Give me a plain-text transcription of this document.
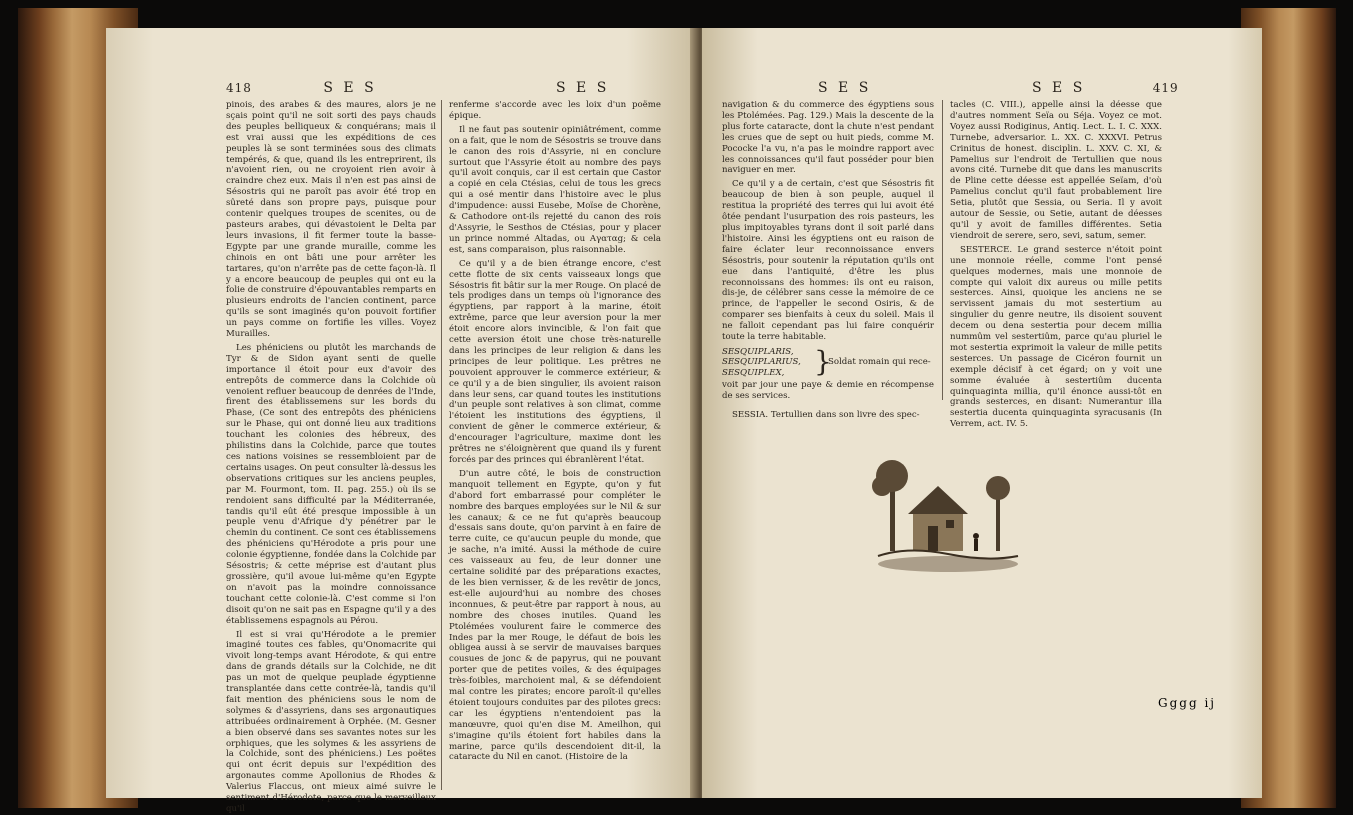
418	S E S	S E S

pinois, des arabes & des maures, alors je ne sçais point qu'il ne soit sorti des pays chauds des peuples belliqueux & conquérans; mais il est vrai aussi que les expéditions de ces peuples là se sont terminées sous des climats tempérés, & que, quand ils les entreprirent, ils n'avoient rien, ou ne croyoient rien avoir à craindre chez eux. Mais il n'en est pas ainsi de Sésostris qui ne paroît pas avoir été trop en sûreté dans son propre pays, puisque pour contenir quelques troupes de scenites, ou de pasteurs arabes, qui dévastoient le Delta par leurs invasions, il fit fermer toute la basse-Egypte par une grande muraille, comme les chinois en ont bâti une pour arrêter les tartares, qu'on n'arrête pas de cette façon-là. Il y a encore beaucoup de peuples qui ont eu la folie de construire d'épouvantables remparts en plusieurs endroits de l'ancien continent, parce qu'ils se sont imaginés qu'on pouvoit fortifier un pays comme on fortifie les villes. Voyez Murailles.

Les phéniciens ou plutôt les marchands de Tyr & de Sidon ayant senti de quelle importance il étoit pour eux d'avoir des entrepôts de commerce dans la Colchide où venoient refluer beaucoup de denrées de l'Inde, firent des établissemens sur les bords du Phase, (Ce sont des entrepôts des phéniciens sur le Phase, qui ont donné lieu aux traditions touchant les colonies des hébreux, des philistins dans la Colchide, parce que toutes ces nations voisines se ressembloient par de certains usages. On peut consulter là-dessus les observations critiques sur les anciens peuples, par M. Fourmont, tom. II. pag. 255.) où ils se rendoient sans difficulté par la Méditerranée, tandis qu'il eût été presque impossible à un peuple venu d'Afrique d'y pénétrer par le chemin du continent. Ce sont ces établissemens des phéniciens qu'Hérodote a pris pour une colonie égyptienne, fondée dans la Colchide par Sésostris; & cette méprise est d'autant plus grossière, qu'il avoue lui-même qu'en Egypte on n'avoit pas la moindre connoissance touchant cette colonie-là. C'est comme si l'on disoit qu'on ne sait pas en Espagne qu'il y a des établissemens espagnols au Pérou.

Il est si vrai qu'Hérodote a le premier imaginé toutes ces fables, qu'Onomacrite qui vivoit long-temps avant Hérodote, & qui entre dans de grands détails sur la Colchide, ne dit pas un mot de quelque peuplade égyptienne transplantée dans cette contrée-là, tandis qu'il fait mention des phéniciens sous le nom de solymes & d'assyriens, dans ses argonautiques attribuées ordinairement à Orphée. (M. Gesner a bien observé dans ses savantes notes sur les orphiques, que les solymes & les assyriens de la Colchide, sont des phéniciens.) Les poëtes qui ont écrit depuis sur l'expédition des argonautes comme Apollonius de Rhodes & Valerius Flaccus, ont mieux aimé suivre le sentiment d'Hérodote, parce que le merveilleux qu'il

renferme s'accorde avec les loix d'un poëme épique.

Il ne faut pas soutenir opiniâtrément, comme on a fait, que le nom de Sésostris se trouve dans le canon des rois d'Assyrie, ni en conclure surtout que l'Assyrie étoit au nombre des pays qu'il avoit conquis, car il est certain que Castor a copié en cela Ctésias, celui de tous les grecs qui a osé mentir dans l'histoire avec le plus d'impudence: aussi Eusebe, Moïse de Chorène, & Cathodore ont-ils rejetté du canon des rois d'Assyrie, le Sesthos de Ctésias, pour y placer un prince nommé Altadas, ou Aγαταg; & cela est, sans comparaison, plus raisonnable.

Ce qu'il y a de bien étrange encore, c'est cette flotte de six cents vaisseaux longs que Sésostris fit bâtir sur la mer Rouge. On placé de tels prodiges dans un temps où l'ignorance des égyptiens, par rapport à la marine, étoit extrême, parce que leur aversion pour la mer étoit encore alors invincible, & l'on fait que cette aversion étoit une chose très-naturelle dans les principes de leur religion & dans les principes de leur politique. Les prêtres ne pouvoient approuver le commerce extérieur, & ce qu'il y a de bien singulier, ils avoient raison dans leur sens, car quand toutes les institutions d'un peuple sont relatives à son climat, comme l'étoient les institutions des égyptiens, il convient de gêner le commerce extérieur, & d'encourager l'agriculture, maxime dont les prêtres ne s'éloignèrent que quand ils y furent forcés par des princes qui ébranlèrent l'état.

D'un autre côté, le bois de construction manquoit tellement en Egypte, qu'on y fut d'abord fort embarrassé pour compléter le nombre des barques employées sur le Nil & sur les canaux; & ce ne fut qu'après beaucoup d'essais sans doute, qu'on parvint à en faire de terre cuite, ce qu'aucun peuple du monde, que je sache, n'a imité. Aussi la méthode de cuire ces vaisseaux au feu, de leur donner une certaine solidité par des préparations exactes, de les bien vernisser, & de les revêtir de joncs, est-elle aujourd'hui au nombre des choses inconnues, & peut-être par rapport à nous, au nombre des choses inutiles. Quand les Ptolémées voulurent faire le commerce des Indes par la mer Rouge, le défaut de bois les obligea aussi à se servir de mauvaises barques cousues de jonc & de papyrus, qui ne pouvant porter que de petites voiles, & des équipages très-foibles, marchoient mal, & se défendoient mal contre les pirates; encore paroît-il qu'elles étoient toujours conduites par des pilotes grecs: car les égyptiens n'entendoient pas la manœuvre, quoi qu'en dise M. Ameilhon, qui s'imagine qu'ils étoient fort habiles dans la marine, parce qu'ils descendoient dit-il, la cataracte du Nil en canot. (Histoire de la

S E S	S E S	419

navigation & du commerce des égyptiens sous les Ptolémées. Pag. 129.) Mais la descente de la plus forte cataracte, dont la chute n'est pendant les crues que de sept ou huit pieds, comme M. Pococke l'a vu, n'a pas le moindre rapport avec les connoissances qu'il faut posséder pour bien naviguer en mer.

Ce qu'il y a de certain, c'est que Sésostris fit beaucoup de bien à son peuple, auquel il restitua la propriété des terres qui lui avoit été ôtée pendant l'usurpation des rois pasteurs, les plus impitoyables tyrans dont il soit parlé dans l'histoire. Ainsi les égyptiens ont eu raison de faire éclater leur reconnoissance envers Sésostris, pour soutenir la réputation qu'ils ont eue dans l'antiquité, d'être les plus reconnoissans des hommes: ils ont eu raison, dis-je, de célébrer sans cesse la mémoire de ce prince, de l'appeller le second Osiris, & de comparer ses bienfaits à ceux du soleil. Mais il ne falloit cependant pas lui faire conquérir toute la terre habitable.

SESQUIPLARIS,
SESQUIPLARIUS,
SESQUIPLEX,	}
Soldat romain qui rece-

voit par jour une paye & demie en récompense de ses services.

SESSIA. Tertullien dans son livre des spec-

tacles (C. VIII.), appelle ainsi la déesse que d'autres nomment Seïa ou Séja. Voyez ce mot. Voyez aussi Rodiginus, Antiq. Lect. L. I. C. XXX. Turnebe, adversarior. L. XX. C. XXXVI. Petrus Crinitus de honest. disciplin. L. XXV. C. XI, & Pamelius sur l'endroit de Tertullien que nous avons cité. Turnebe dit que dans les manuscrits de Pline cette déesse est appellée Seïam, d'où Pamelius conclut qu'il faut probablement lire Setia, plutôt que Sessia, ou Seria. Il y avoit autour de Sessie, ou Setie, autant de déesses qu'il y avoit de familles différentes. Setia viendroit de serere, sero, sevi, satum, semer.

SESTERCE. Le grand sesterce n'étoit point une monnoie réelle, comme l'ont pensé quelques modernes, mais une monnoie de compte qui valoit dix aureus ou mille petits sesterces. Ainsi, quoique les anciens ne se servissent jamais du mot sestertium au singulier du genre neutre, ils disoient souvent decem ou dena sestertia pour decem millia nummûm vel sestertiûm, parce qu'au pluriel le mot sestertia exprimoit la valeur de mille petits sesterces. Un passage de Cicéron fournit un exemple décisif à cet égard; on y voit une somme évaluée à sestertiûm ducenta quinquaginta millia, qu'il énonce aussi-tôt en grands sesterces, en disant: Numerantur illa sestertia ducenta quinquaginta syracusanis (In Verrem, act. IV. 5.

Gggg ij
